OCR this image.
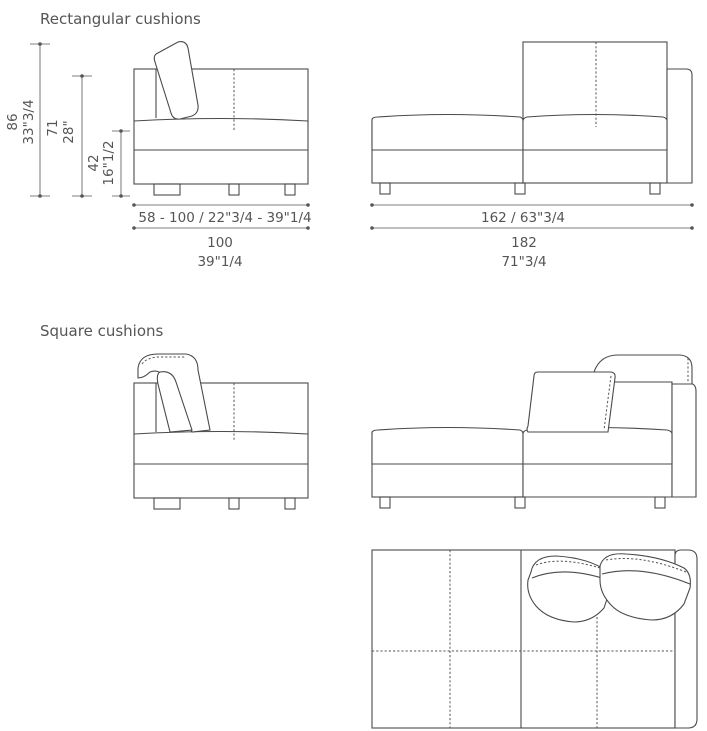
Rectangular cushions
Square cushions
86 33"3/4 71 28"
42 16"1/2
58 - 100 / 22"3/4 - 39"1/4
100
39"1/4
162 / 63"3/4
182
71"3/4
